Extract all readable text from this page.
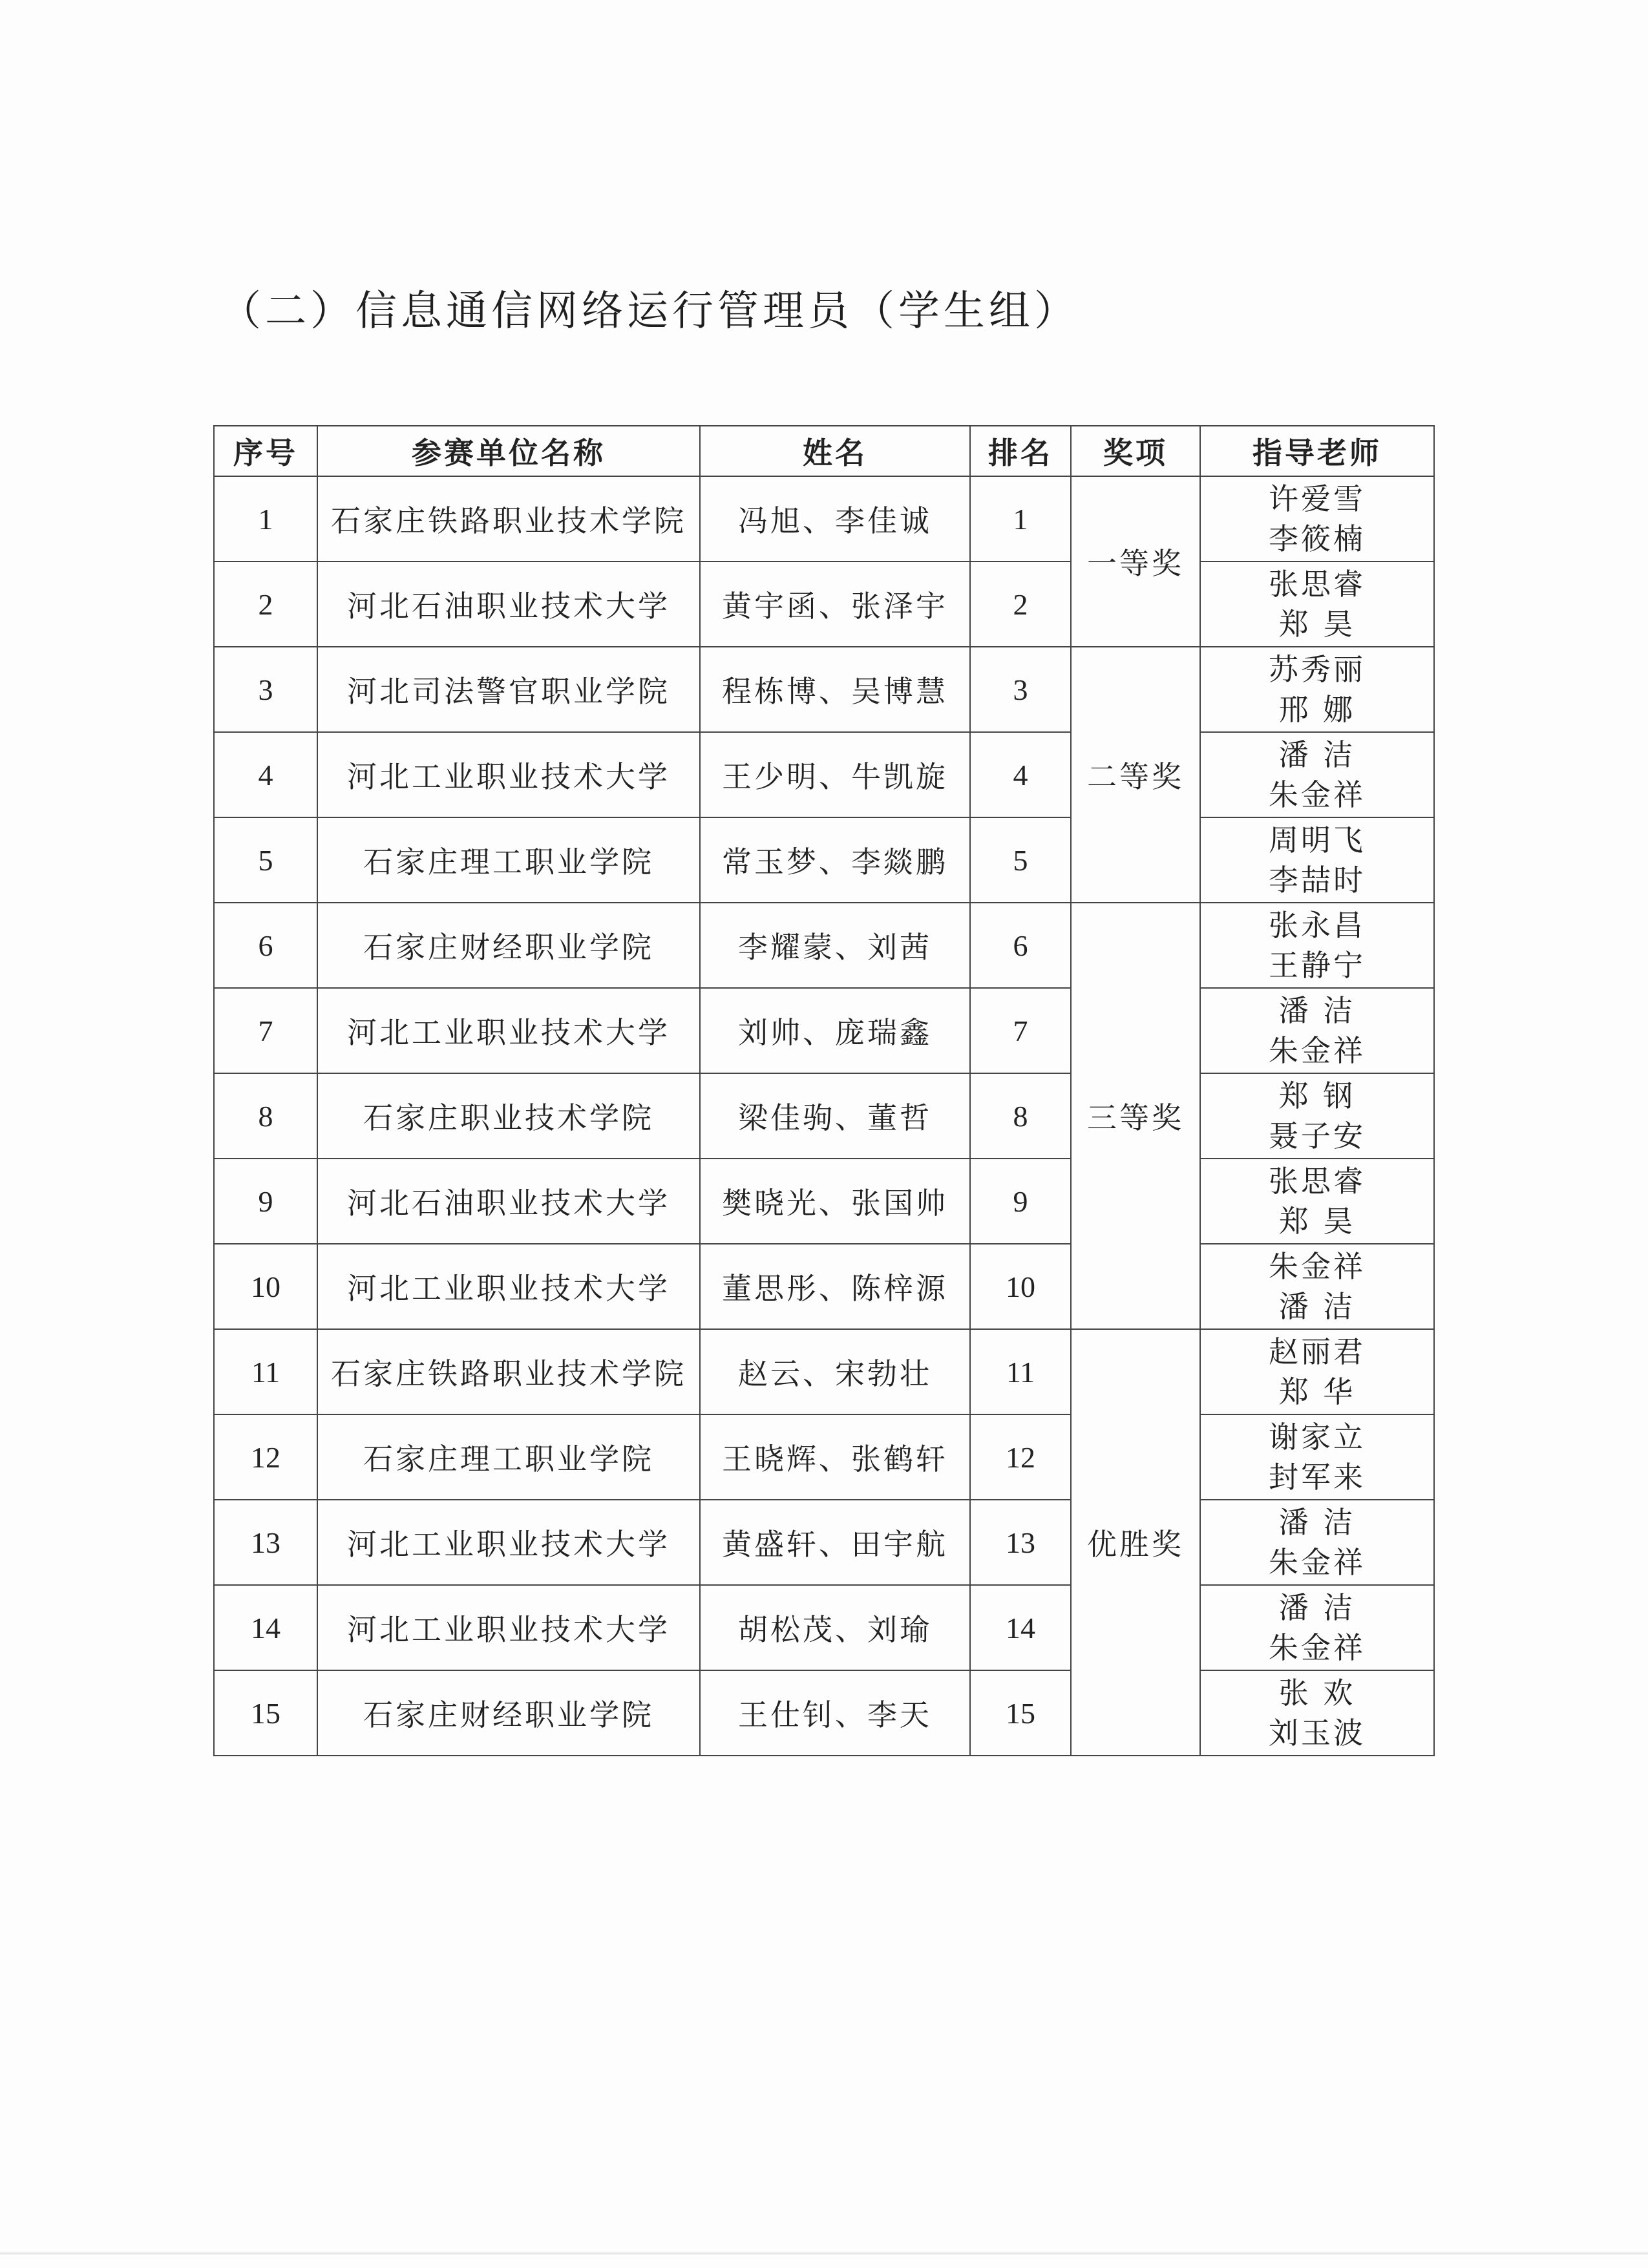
（二）信息通信网络运行管理员（学生组）
序号	参赛单位名称	姓名	排名	奖项	指导老师
1	石家庄铁路职业技术学院	冯旭、李佳诚	1	一等奖	许爱雪
李筱楠

2	河北石油职业技术大学	黄宇函、张泽宇	2		张思睿
郑 昊

3	河北司法警官职业学院	程栋博、吴博慧	3	二等奖	苏秀丽
邢 娜

4	河北工业职业技术大学	王少明、牛凯旋	4		潘 洁
朱金祥

5	石家庄理工职业学院	常玉梦、李燚鹏	5		周明飞
李喆时

6	石家庄财经职业学院	李耀蒙、刘茜	6	三等奖	张永昌
王静宁

7	河北工业职业技术大学	刘帅、庞瑞鑫	7		潘 洁
朱金祥

8	石家庄职业技术学院	梁佳驹、董哲	8		郑 钢
聂子安

9	河北石油职业技术大学	樊晓光、张国帅	9		张思睿
郑 昊

10	河北工业职业技术大学	董思彤、陈梓源	10		朱金祥
潘 洁

11	石家庄铁路职业技术学院	赵云、宋勃壮	11	优胜奖	赵丽君
郑 华

12	石家庄理工职业学院	王晓辉、张鹤轩	12		谢家立
封军来

13	河北工业职业技术大学	黄盛轩、田宇航	13		潘 洁
朱金祥

14	河北工业职业技术大学	胡松茂、刘瑜	14		潘 洁
朱金祥

15	石家庄财经职业学院	王仕钊、李天	15		张 欢
刘玉波
